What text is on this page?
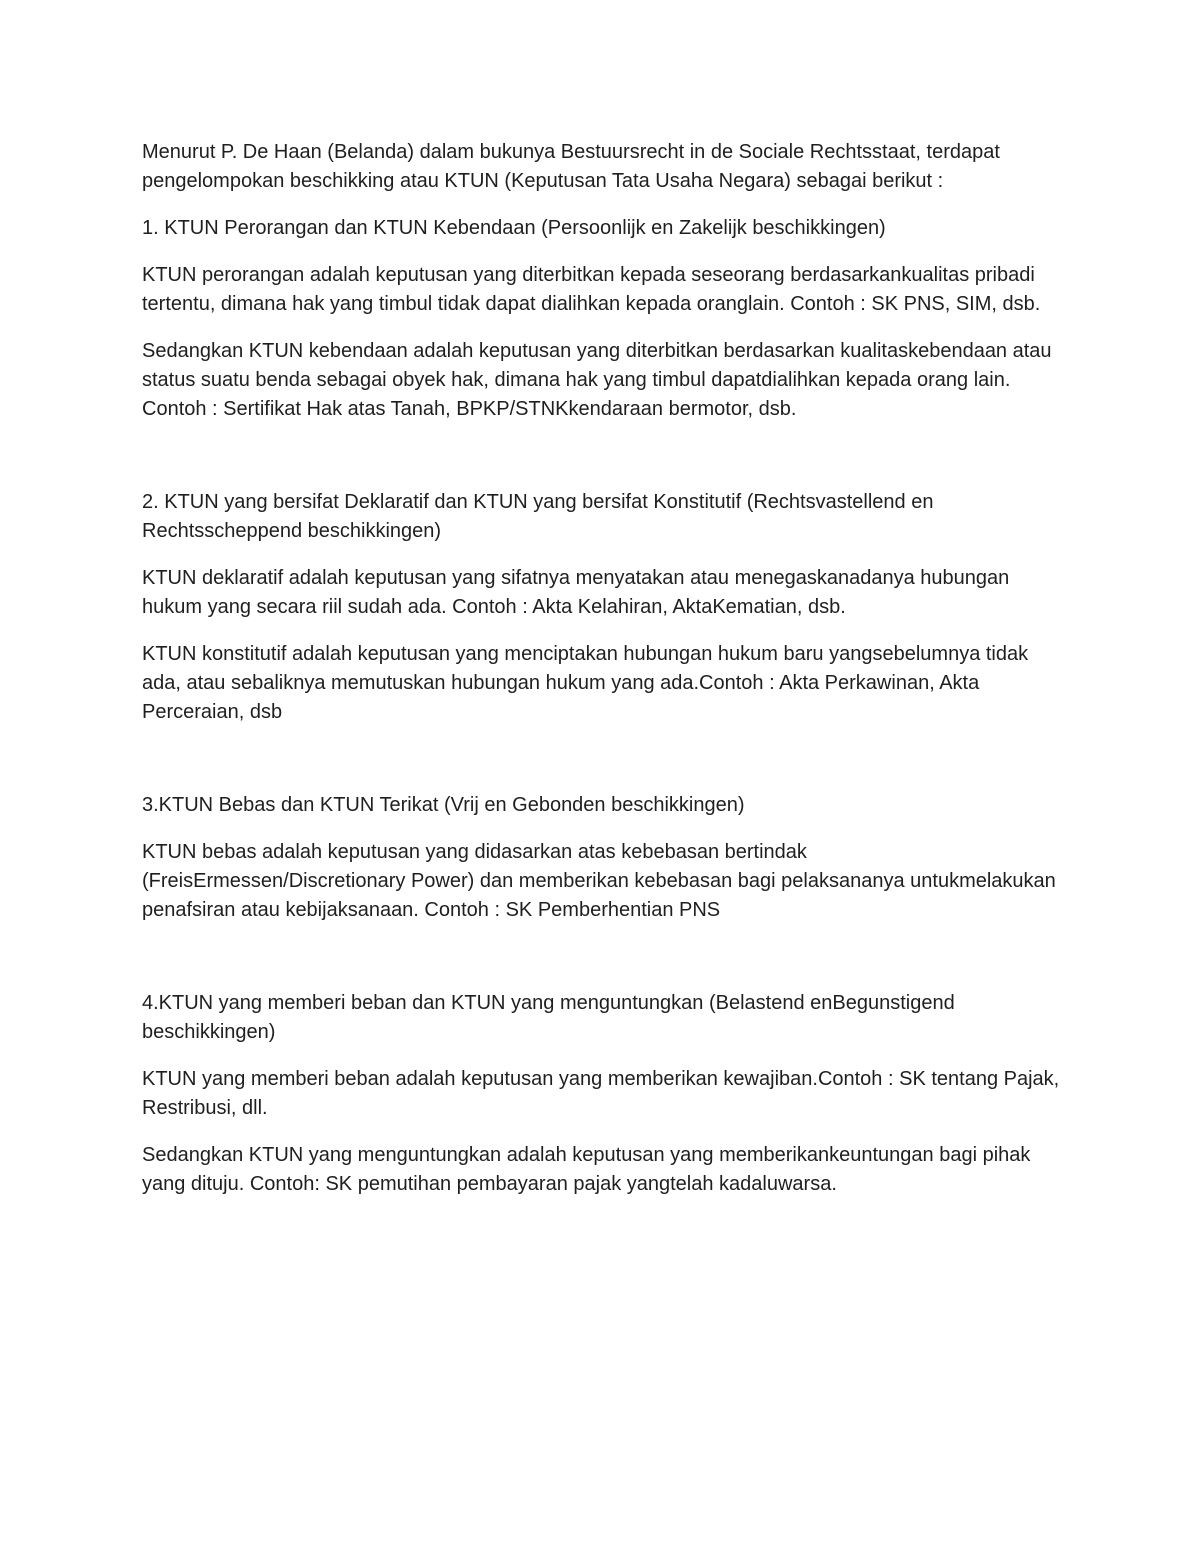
Menurut P. De Haan (Belanda) dalam bukunya Bestuursrecht in de Sociale Rechtsstaat, terdapat pengelompokan beschikking atau KTUN (Keputusan Tata Usaha Negara) sebagai berikut :

1. KTUN Perorangan dan KTUN Kebendaan (Persoonlijk en Zakelijk beschikkingen)

KTUN perorangan adalah keputusan yang diterbitkan kepada seseorang berdasarkankualitas pribadi tertentu, dimana hak yang timbul tidak dapat dialihkan kepada oranglain. Contoh : SK PNS, SIM, dsb.

Sedangkan KTUN kebendaan adalah keputusan yang diterbitkan berdasarkan kualitaskebendaan atau status suatu benda sebagai obyek hak, dimana hak yang timbul dapatdialihkan kepada orang lain. Contoh : Sertifikat Hak atas Tanah, BPKP/STNKkendaraan bermotor, dsb.

2. KTUN yang bersifat Deklaratif dan KTUN yang bersifat Konstitutif (Rechtsvastellend en Rechtsscheppend beschikkingen)

KTUN deklaratif adalah keputusan yang sifatnya menyatakan atau menegaskanadanya hubungan hukum yang secara riil sudah ada. Contoh : Akta Kelahiran, AktaKematian, dsb.

KTUN konstitutif adalah keputusan yang menciptakan hubungan hukum baru yangsebelumnya tidak ada, atau sebaliknya memutuskan hubungan hukum yang ada.Contoh : Akta Perkawinan, Akta Perceraian, dsb

3.KTUN Bebas dan KTUN Terikat (Vrij en Gebonden beschikkingen)

KTUN bebas adalah keputusan yang didasarkan atas kebebasan bertindak (FreisErmessen/Discretionary Power) dan memberikan kebebasan bagi pelaksananya untukmelakukan penafsiran atau kebijaksanaan. Contoh : SK Pemberhentian PNS

4.KTUN yang memberi beban dan KTUN yang menguntungkan (Belastend enBegunstigend beschikkingen)

KTUN yang memberi beban adalah keputusan yang memberikan kewajiban.Contoh : SK tentang Pajak, Restribusi, dll.

Sedangkan KTUN yang menguntungkan adalah keputusan yang memberikankeuntungan bagi pihak yang dituju. Contoh: SK pemutihan pembayaran pajak yangtelah kadaluwarsa.
